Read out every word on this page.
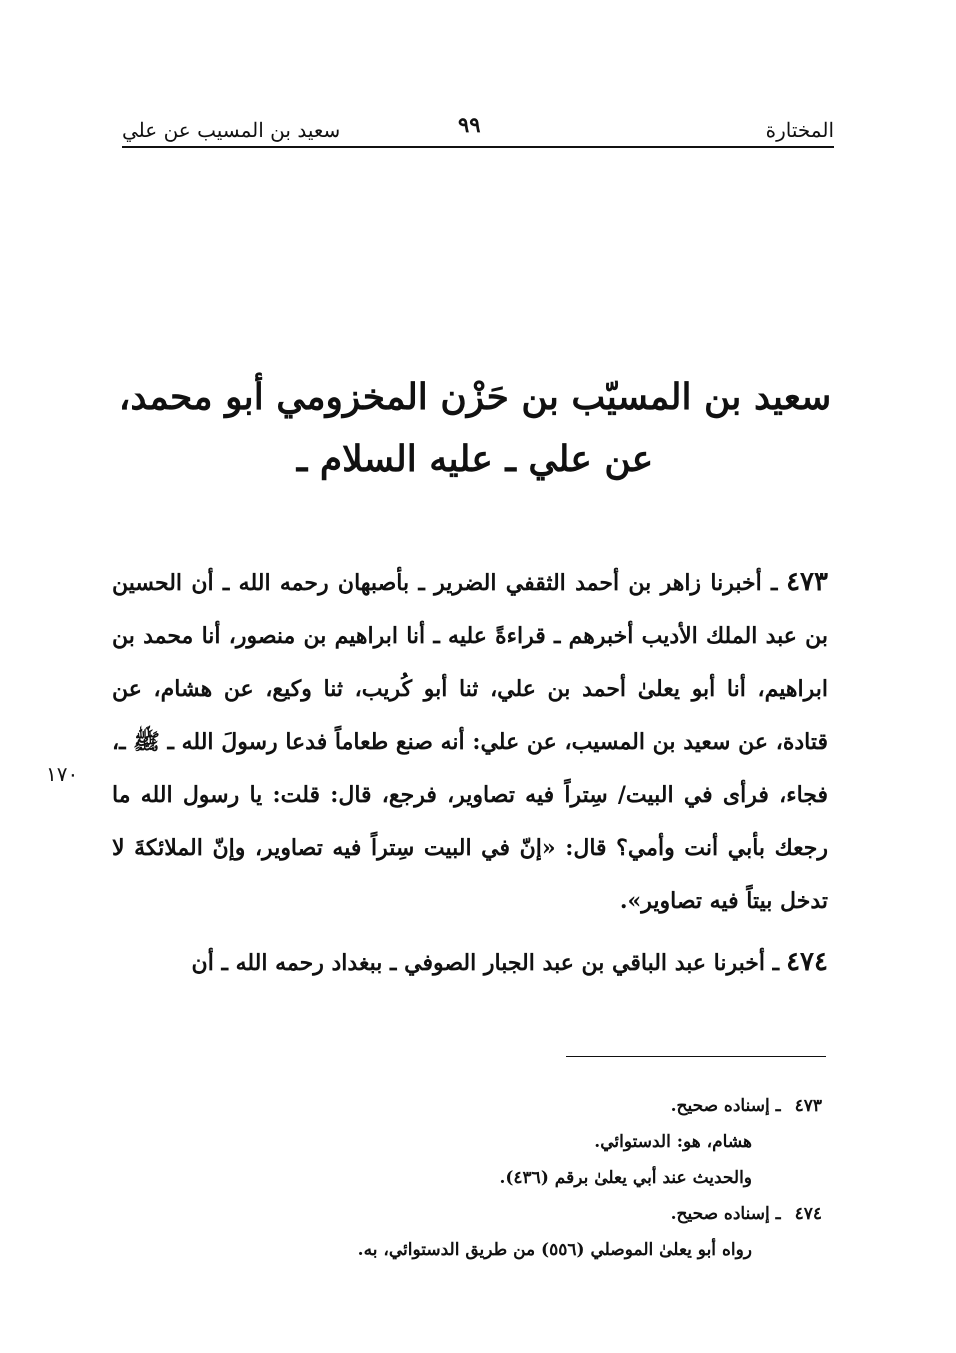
المختارة
٩٩
سعيد بن المسيب عن علي
سعيد بن المسيّب بن حَزْن المخزومي أبو محمد،
عن علي ـ عليه السلام ـ

٤٧٣ ـ أخبرنا زاهر بن أحمد الثقفي الضرير ـ بأصبهان رحمه الله ـ أن الحسين بن عبد الملك الأديب أخبرهم ـ قراءةً عليه ـ أنا ابراهيم بن منصور، أنا محمد بن ابراهيم، أنا أبو يعلىٰ أحمد بن علي، ثنا أبو كُريب، ثنا وكيع، عن هشام، عن قتادة، عن سعيد بن المسيب، عن علي: أنه صنع طعاماً فدعا رسولَ الله ـ ﷺ ـ، فجاء، فرأى في البيت/ سِتراً فيه تصاوير، فرجع، قال: قلت: يا رسول الله ما رجعك بأبي أنت وأمي؟ قال: «إنّ في البيت سِتراً فيه تصاوير، وإنّ الملائكةَ لا تدخل بيتاً فيه تصاوير».

٤٧٤ ـ أخبرنا عبد الباقي بن عبد الجبار الصوفي ـ ببغداد رحمه الله ـ أن

١٧٠
٤٧٣ـ إسناده صحيح.
هشام، هو: الدستوائي.
والحديث عند أبي يعلىٰ برقم (٤٣٦).
٤٧٤ـ إسناده صحيح.
رواه أبو يعلىٰ الموصلي (٥٥٦) من طريق الدستوائي، به.
